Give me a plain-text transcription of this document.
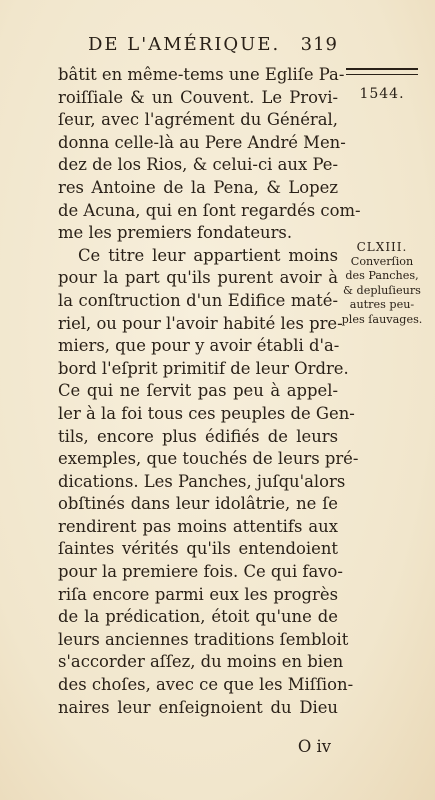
DE L'AMÉRIQUE. 319
1544.
CLXIII.
Converſion
des Panches,
& depluſieurs
autres peu-
ples ſauvages.
bâtit en même-tems une Egliſe Pa-
roiſſiale & un Couvent. Le Provi-
ſeur, avec l'agrément du Général,
donna celle-là au Pere André Men-
dez de los Rios, & celui-ci aux Pe-
res Antoine de la Pena, & Lopez
de Acuna, qui en ſont regardés com-
me les premiers fondateurs.
Ce titre leur appartient moins
pour la part qu'ils purent avoir à
la conſtruction d'un Edifice maté-
riel, ou pour l'avoir habité les pre-
miers, que pour y avoir établi d'a-
bord l'eſprit primitif de leur Ordre.
Ce qui ne ſervit pas peu à appel-
ler à la foi tous ces peuples de Gen-
tils, encore plus édifiés de leurs
exemples, que touchés de leurs pré-
dications. Les Panches, juſqu'alors
obſtinés dans leur idolâtrie, ne ſe
rendirent pas moins attentifs aux
ſaintes vérités qu'ils entendoient
pour la premiere fois. Ce qui favo-
riſa encore parmi eux les progrès
de la prédication, étoit qu'une de
leurs anciennes traditions ſembloit
s'accorder aſſez, du moins en bien
des choſes, avec ce que les Miſſion-
naires leur enſeignoient du Dieu
O iv
